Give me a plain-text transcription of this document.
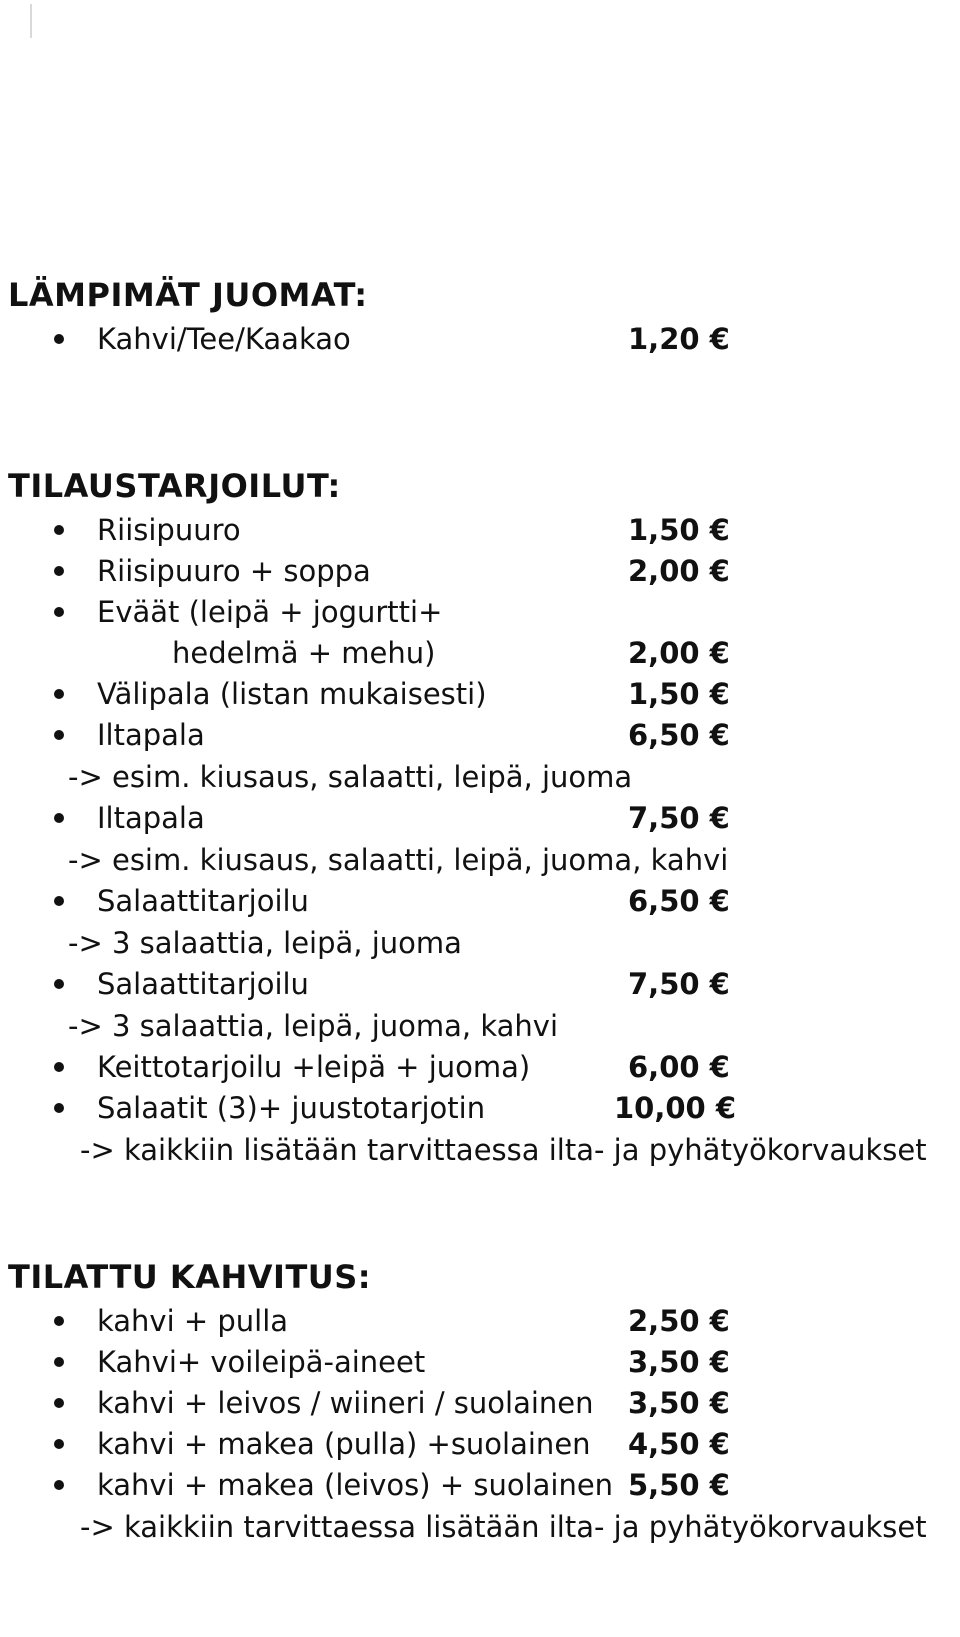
LÄMPIMÄT JUOMAT:
Kahvi/Tee/Kaakao	1,20 €
TILAUSTARJOILUT:
Riisipuuro	1,50 €
Riisipuuro + soppa	2,00 €
Eväät (leipä + jogurtti+
hedelmä + mehu)	2,00 €
Välipala (listan mukaisesti)	1,50 €
Iltapala	6,50 €
-> esim. kiusaus, salaatti, leipä, juoma
Iltapala	7,50 €
-> esim. kiusaus, salaatti, leipä, juoma, kahvi
Salaattitarjoilu	6,50 €
-> 3 salaattia, leipä, juoma
Salaattitarjoilu	7,50 €
-> 3 salaattia, leipä, juoma, kahvi
Keittotarjoilu +leipä + juoma)	6,00 €
Salaatit (3)+ juustotarjotin	10,00 €
-> kaikkiin lisätään tarvittaessa ilta- ja pyhätyökorvaukset
TILATTU KAHVITUS:
kahvi + pulla	2,50 €
Kahvi+ voileipä-aineet	3,50 €
kahvi + leivos / wiineri / suolainen 3,50 €
kahvi + makea (pulla) +suolainen 4,50 €
kahvi + makea (leivos) + suolainen 5,50 €
-> kaikkiin tarvittaessa lisätään ilta- ja pyhätyökorvaukset
